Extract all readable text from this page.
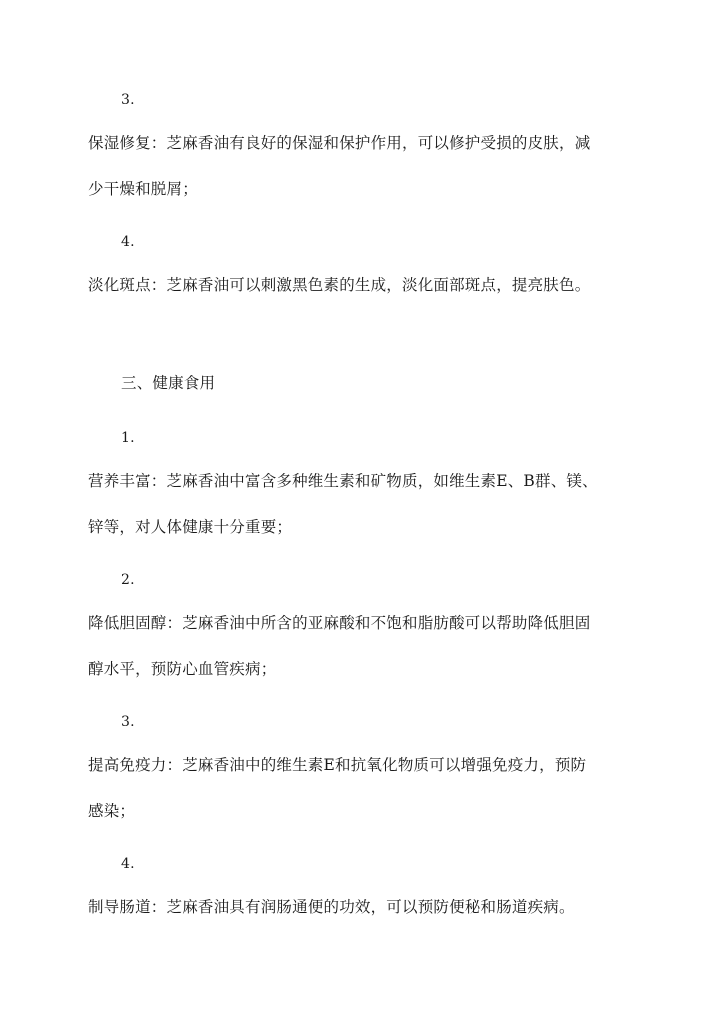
3.
保湿修复：芝麻香油有良好的保湿和保护作用，可以修护受损的皮肤，减
少干燥和脱屑；
4.
淡化斑点：芝麻香油可以刺激黑色素的生成，淡化面部斑点，提亮肤色。
三、健康食用
1.
营养丰富：芝麻香油中富含多种维生素和矿物质，如维生素E、B群、镁、
锌等，对人体健康十分重要；
2.
降低胆固醇：芝麻香油中所含的亚麻酸和不饱和脂肪酸可以帮助降低胆固
醇水平，预防心血管疾病；
3.
提高免疫力：芝麻香油中的维生素E和抗氧化物质可以增强免疫力，预防
感染；
4.
制导肠道：芝麻香油具有润肠通便的功效，可以预防便秘和肠道疾病。
